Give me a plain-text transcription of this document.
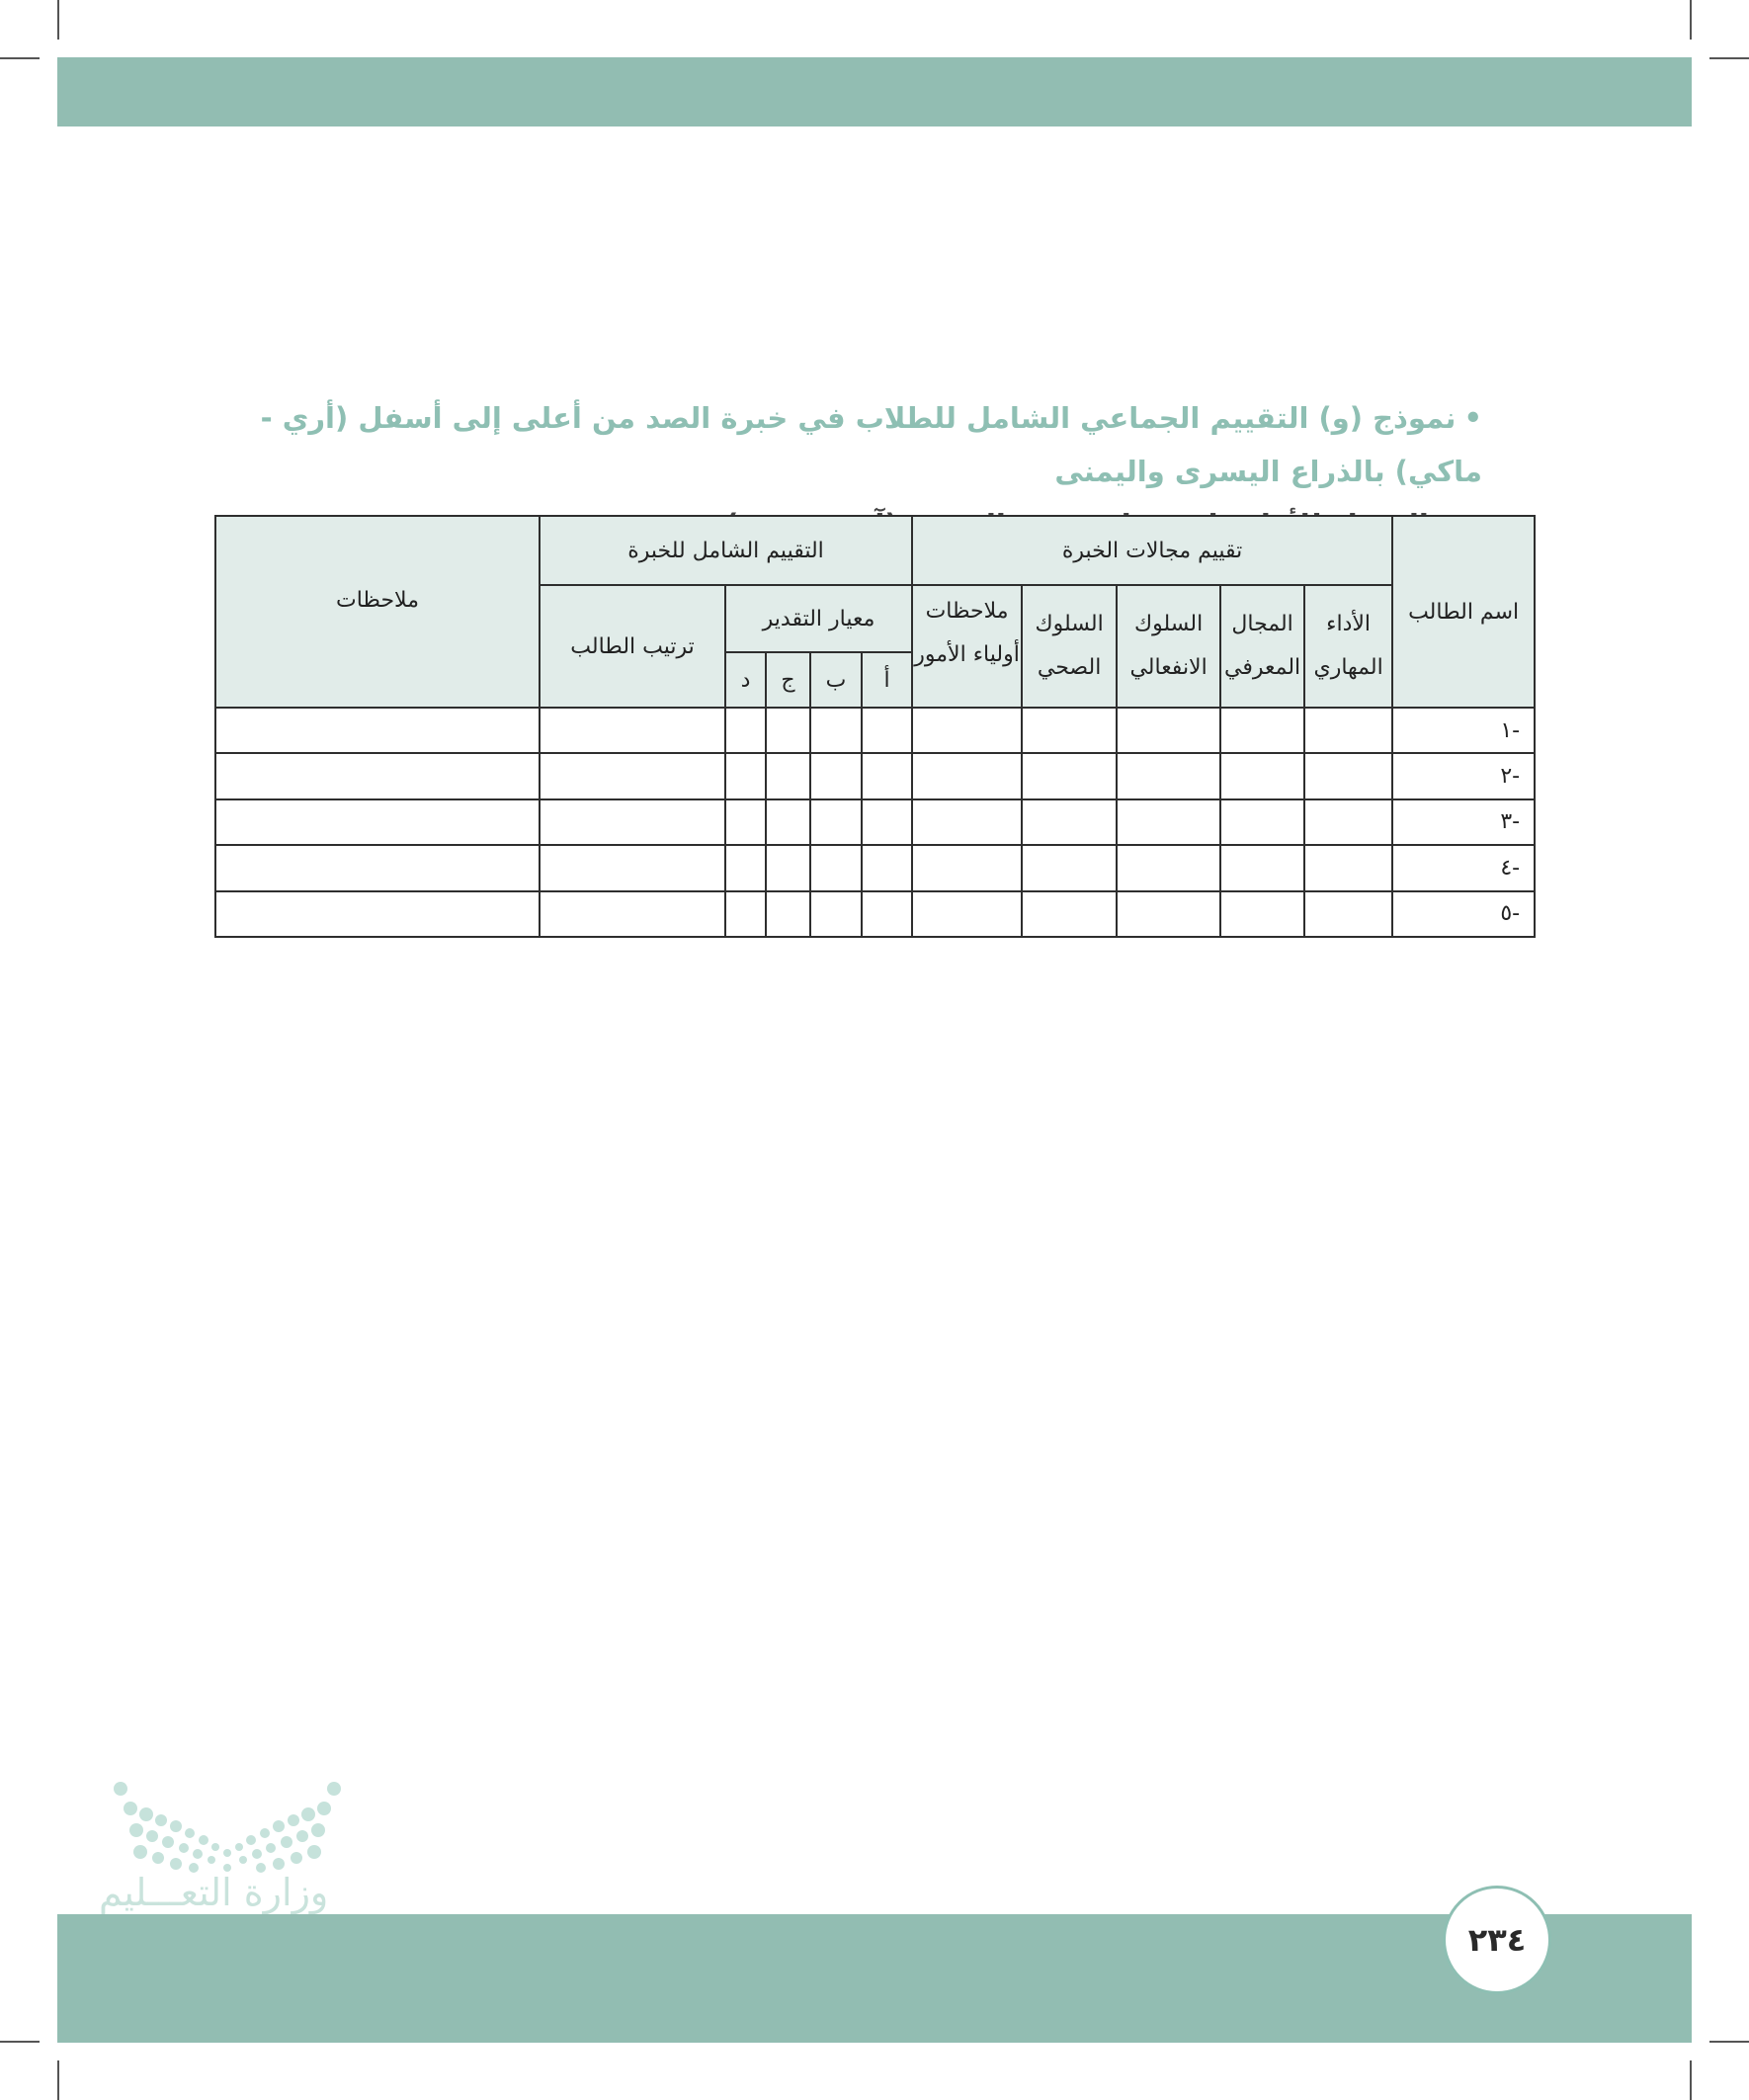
•نموذج (و) التقييم الجماعي الشامل للطلاب في خبرة الصد من أعلى إلى أسفل (أري - ماكي) بالذراع اليسرى واليمنى
اسم الطالب	تقييم مجالات الخبرة					التقييم الشامل للخبرة					ملاحظات
	الأداء المهاري	المجال المعرفي	السلوك الانفعالي	السلوك الصحي	ملاحظات أولياء الأمور	معيار التقدير				ترتيب الطالب	
						أ	ب	ج	د		
-١											
-٢											
-٣											
-٤											
-٥											
وزارة التعـــليم
٢٣٤
